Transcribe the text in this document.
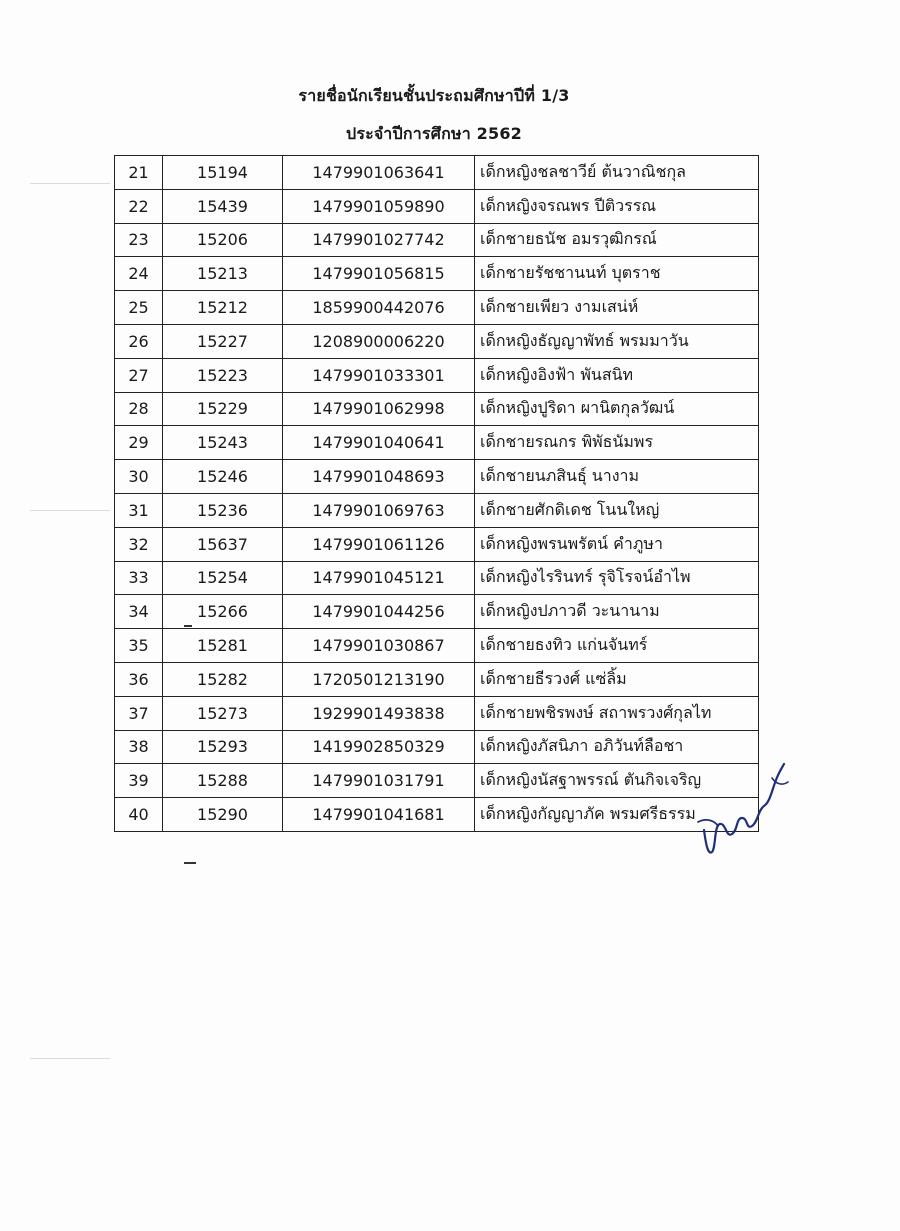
รายชื่อนักเรียนชั้นประถมศึกษาปีที่ 1/3
ประจำปีการศึกษา 2562
21	15194	1479901063641	เด็กหญิงชลชาวีย์ ต้นวาณิชกุล
22	15439	1479901059890	เด็กหญิงจรณพร ปีติวรรณ
23	15206	1479901027742	เด็กชายธนัช อมรวุฒิกรณ์
24	15213	1479901056815	เด็กชายรัชชานนท์ บุตราช
25	15212	1859900442076	เด็กชายเพียว งามเสน่ห์
26	15227	1208900006220	เด็กหญิงธัญญาพัทธ์ พรมมาวัน
27	15223	1479901033301	เด็กหญิงอิงฟ้า พันสนิท
28	15229	1479901062998	เด็กหญิงปูริดา ผานิตกุลวัฒน์
29	15243	1479901040641	เด็กชายรณกร พิพัธนัมพร
30	15246	1479901048693	เด็กชายนภสินธุ์ นางาม
31	15236	1479901069763	เด็กชายศักดิเดช โนนใหญ่
32	15637	1479901061126	เด็กหญิงพรนพรัตน์ คำภูษา
33	15254	1479901045121	เด็กหญิงไรรินทร์ รุจิโรจน์อำไพ
34	15266	1479901044256	เด็กหญิงปภาวดี วะนานาม
35	15281	1479901030867	เด็กชายธงทิว แก่นจันทร์
36	15282	1720501213190	เด็กชายธีรวงศ์ แซ่ลิ้ม
37	15273	1929901493838	เด็กชายพชิรพงษ์ สถาพรวงศ์กุลไท
38	15293	1419902850329	เด็กหญิงภัสนิภา อภิวันท์ลือชา
39	15288	1479901031791	เด็กหญิงนัสฐาพรรณ์ ตันกิจเจริญ
40	15290	1479901041681	เด็กหญิงกัญญาภัค พรมศรีธรรม
